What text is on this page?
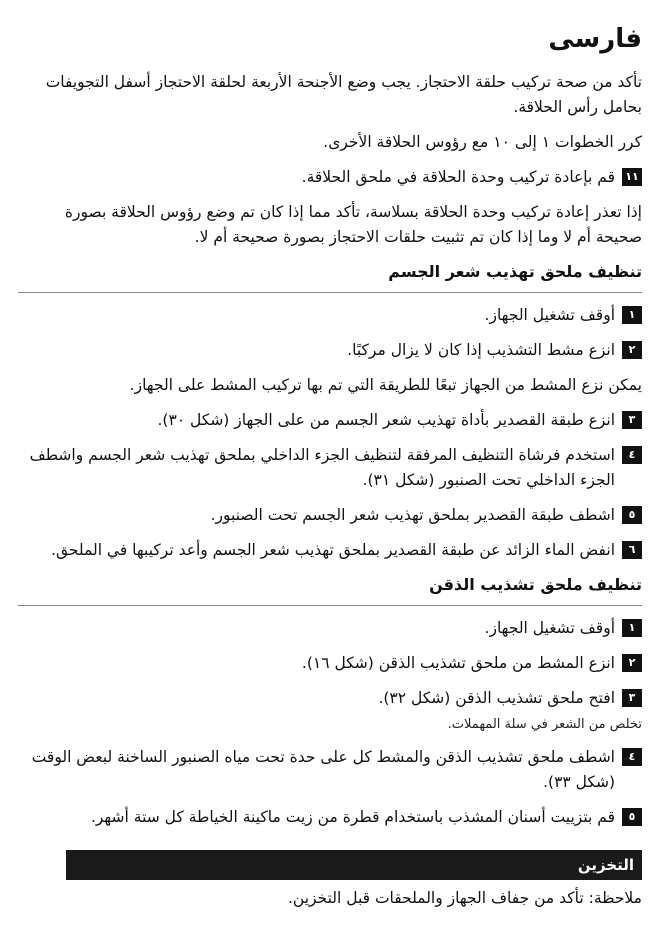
فارسی

تأکد من صحة تركيب حلقة الاحتجاز. يجب وضع الأجنحة الأربعة لحلقة الاحتجاز أسفل التجويفات بحامل رأس الحلاقة.

كرر الخطوات ١ إلى ١٠ مع رؤوس الحلاقة الأخرى.

١١
قم بإعادة تركيب وحدة الحلاقة في ملحق الحلاقة.

إذا تعذر إعادة تركيب وحدة الحلاقة بسلاسة، تأكد مما إذا كان تم وضع رؤوس الحلاقة بصورة صحيحة أم لا وما إذا كان تم تثبيت حلقات الاحتجاز بصورة صحيحة أم لا.

تنظيف ملحق تهذيب شعر الجسم
١
أوقف تشغيل الجهاز.
٢
انزع مشط التشذيب إذا كان لا يزال مركبًا.

يمكن نزع المشط من الجهاز تبعًا للطريقة التي تم بها تركيب المشط على الجهاز.

٣
انزع طبقة القصدير بأداة تهذيب شعر الجسم من على الجهاز (شكل ٣٠).
٤
استخدم فرشاة التنظيف المرفقة لتنظيف الجزء الداخلي بملحق تهذيب شعر الجسم واشطف الجزء الداخلي تحت الصنبور (شكل ٣١).
٥
اشطف طبقة القصدير بملحق تهذيب شعر الجسم تحت الصنبور.
٦
انفض الماء الزائد عن طبقة القصدير بملحق تهذيب شعر الجسم وأعد تركيبها في الملحق.
تنظيف ملحق تشذيب الذقن
١
أوقف تشغيل الجهاز.
٢
انزع المشط من ملحق تشذيب الذقن (شكل ١٦).
٣
افتح ملحق تشذيب الذقن (شكل ٣٢).

تخلص من الشعر في سلة المهملات.

٤
اشطف ملحق تشذيب الذقن والمشط كل على حدة تحت مياه الصنبور الساخنة لبعض الوقت (شكل ٣٣).
٥
قم بتزييت أسنان المشذب باستخدام قطرة من زيت ماكينة الخياطة كل ستة أشهر.
التخزين

ملاحظة: تأكد من جفاف الجهاز والملحقات قبل التخزين.
